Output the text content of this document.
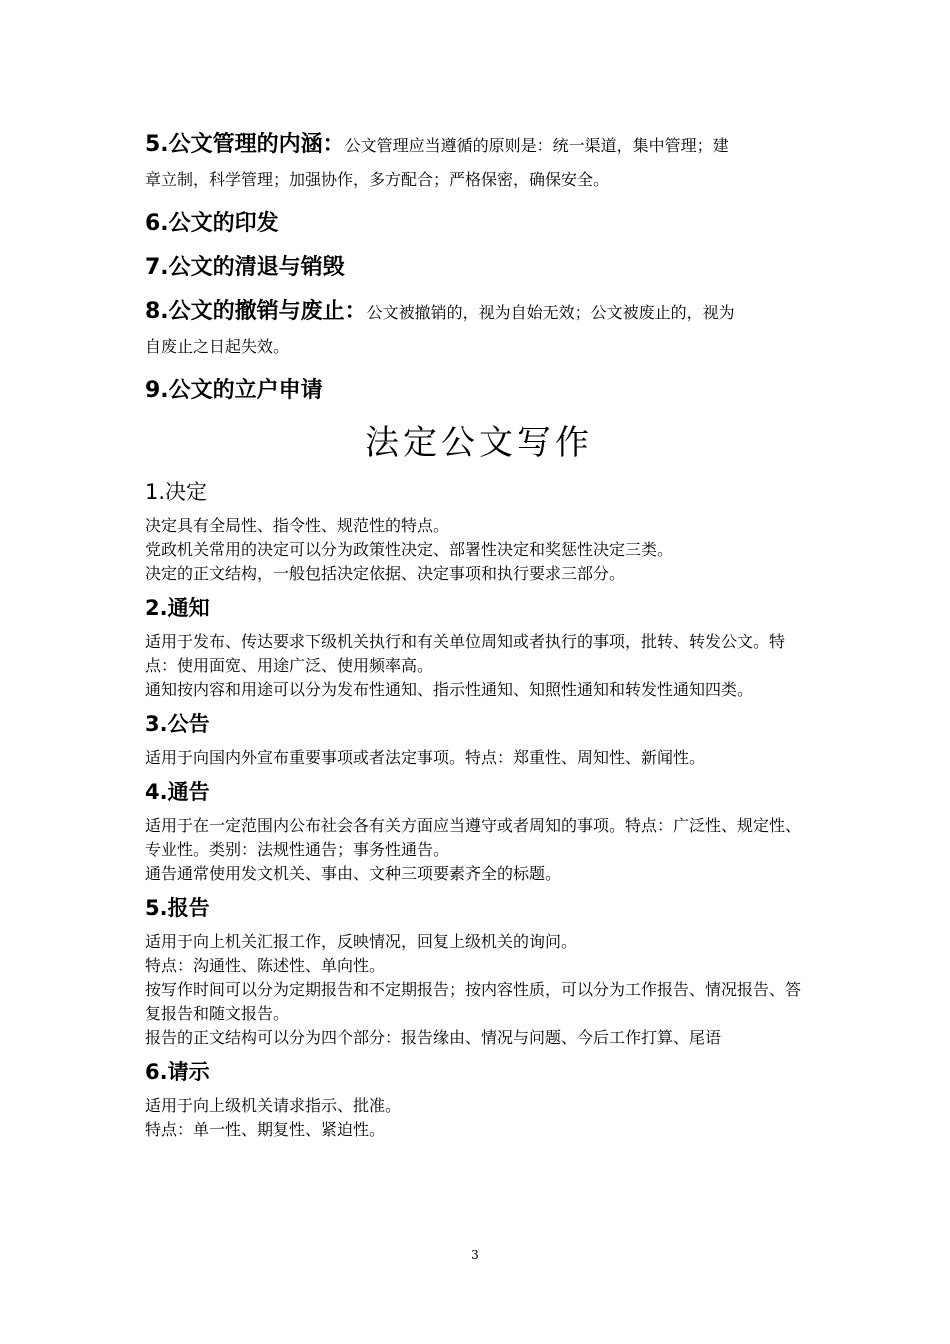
5.公文管理的内涵：公文管理应当遵循的原则是：统一渠道，集中管理；建
章立制，科学管理；加强协作，多方配合；严格保密，确保安全。
6.公文的印发
7.公文的清退与销毁
8.公文的撤销与废止：公文被撤销的，视为自始无效；公文被废止的，视为
自废止之日起失效。
9.公文的立户申请
法定公文写作
1.决定

决定具有全局性、指令性、规范性的特点。

党政机关常用的决定可以分为政策性决定、部署性决定和奖惩性决定三类。

决定的正文结构，一般包括决定依据、决定事项和执行要求三部分。

2.通知

适用于发布、传达要求下级机关执行和有关单位周知或者执行的事项，批转、转发公文。特点：使用面宽、用途广泛、使用频率高。

通知按内容和用途可以分为发布性通知、指示性通知、知照性通知和转发性通知四类。

3.公告

适用于向国内外宣布重要事项或者法定事项。特点：郑重性、周知性、新闻性。

4.通告

适用于在一定范围内公布社会各有关方面应当遵守或者周知的事项。特点：广泛性、规定性、专业性。类别：法规性通告；事务性通告。

通告通常使用发文机关、事由、文种三项要素齐全的标题。

5.报告

适用于向上机关汇报工作，反映情况，回复上级机关的询问。

特点：沟通性、陈述性、单向性。

按写作时间可以分为定期报告和不定期报告；按内容性质，可以分为工作报告、情况报告、答复报告和随文报告。

报告的正文结构可以分为四个部分：报告缘由、情况与问题、今后工作打算、尾语

6.请示

适用于向上级机关请求指示、批准。

特点：单一性、期复性、紧迫性。

3
